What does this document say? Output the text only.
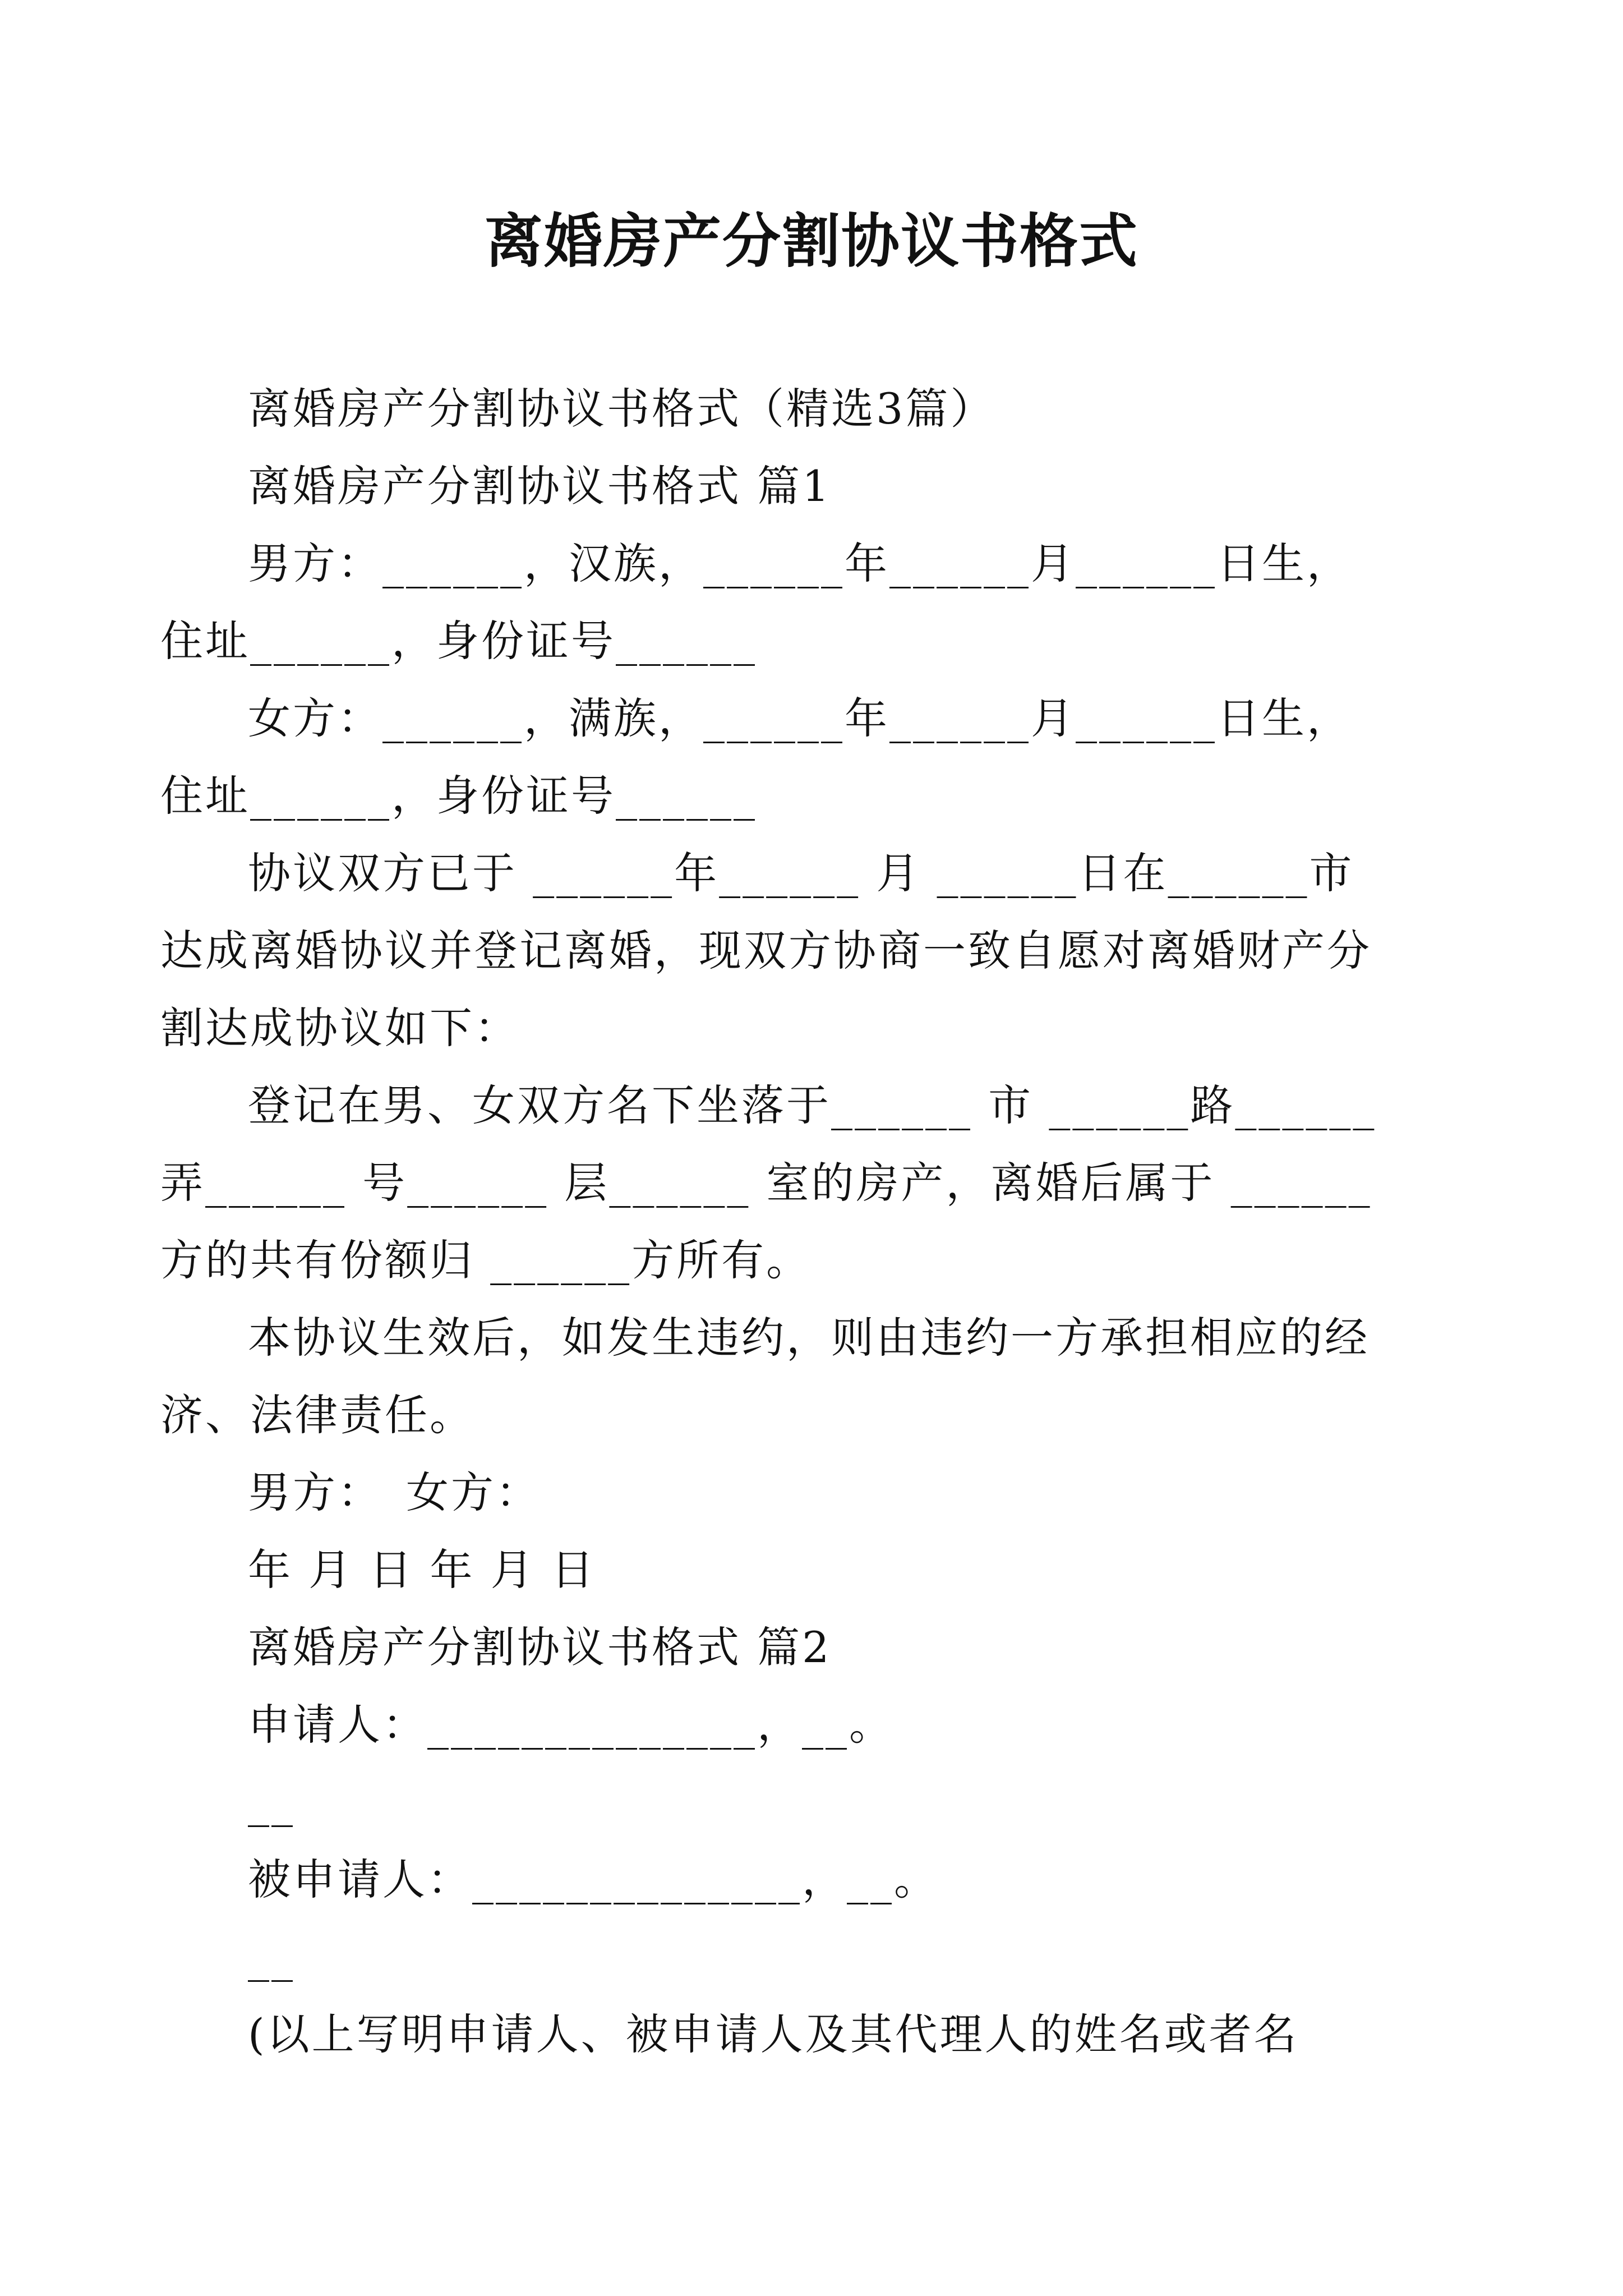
离婚房产分割协议书格式

离婚房产分割协议书格式（精选3篇）

离婚房产分割协议书格式 篇1

男方：______，汉族，______年______月______日生，住址______，身份证号______

女方：______，满族，______年______月______日生，住址______，身份证号______

协议双方已于 ______年______ 月 ______日在______市 达成离婚协议并登记离婚，现双方协商一致自愿对离婚财产分割达成协议如下：

登记在男、女双方名下坐落于______ 市 ______路______弄______ 号______ 层______ 室的房产，离婚后属于 ______方的共有份额归 ______方所有。

本协议生效后，如发生违约，则由违约一方承担相应的经济、法律责任。

男方：　女方：

年 月 日 年 月 日

离婚房产分割协议书格式 篇2

申请人：______________，__。

__

被申请人：______________，__。

__

(以上写明申请人、被申请人及其代理人的姓名或者名
